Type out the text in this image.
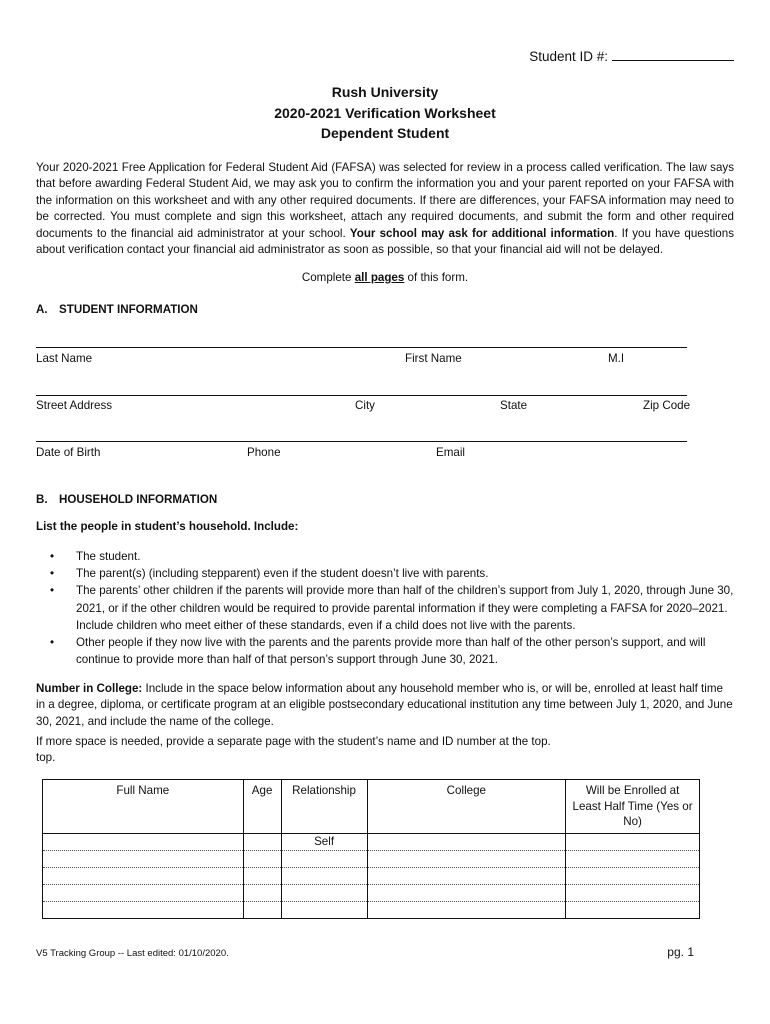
Student ID #:
Rush University
2020-2021 Verification Worksheet
Dependent Student

Your 2020-2021 Free Application for Federal Student Aid (FAFSA) was selected for review in a process called verification. The law says that before awarding Federal Student Aid, we may ask you to confirm the information you and your parent reported on your FAFSA with the information on this worksheet and with any other required documents. If there are differences, your FAFSA information may need to be corrected. You must complete and sign this worksheet, attach any required documents, and submit the form and other required documents to the financial aid administrator at your school. Your school may ask for additional information. If you have questions about verification contact your financial aid administrator as soon as possible, so that your financial aid will not be delayed.

Complete all pages of this form.
A. STUDENT INFORMATION
Last Name	First Name	M.I
Street Address	City	State	Zip Code
Date of Birth	Phone	Email
B. HOUSEHOLD INFORMATION
List the people in student’s household. Include:
• The student.
• The parent(s) (including stepparent) even if the student doesn’t live with parents.
• The parents’ other children if the parents will provide more than half of the children’s support from July 1, 2020, through June 30, 2021, or if the other children would be required to provide parental information if they were completing a FAFSA for 2020–2021. Include children who meet either of these standards, even if a child does not live with the parents.
• Other people if they now live with the parents and the parents provide more than half of the other person’s support, and will continue to provide more than half of that person’s support through June 30, 2021.

Number in College: Include in the space below information about any household member who is, or will be, enrolled at least half time in a degree, diploma, or certificate program at an eligible postsecondary educational institution any time between July 1, 2020, and June 30, 2021, and include the name of the college.

If more space is needed, provide a separate page with the student’s name and ID number at the top.
top.

Full Name	Age	Relationship	College	Will be Enrolled at Least Half Time (Yes or No)
		Self		

V5 Tracking Group -- Last edited: 01/10/2020.	pg. 1
